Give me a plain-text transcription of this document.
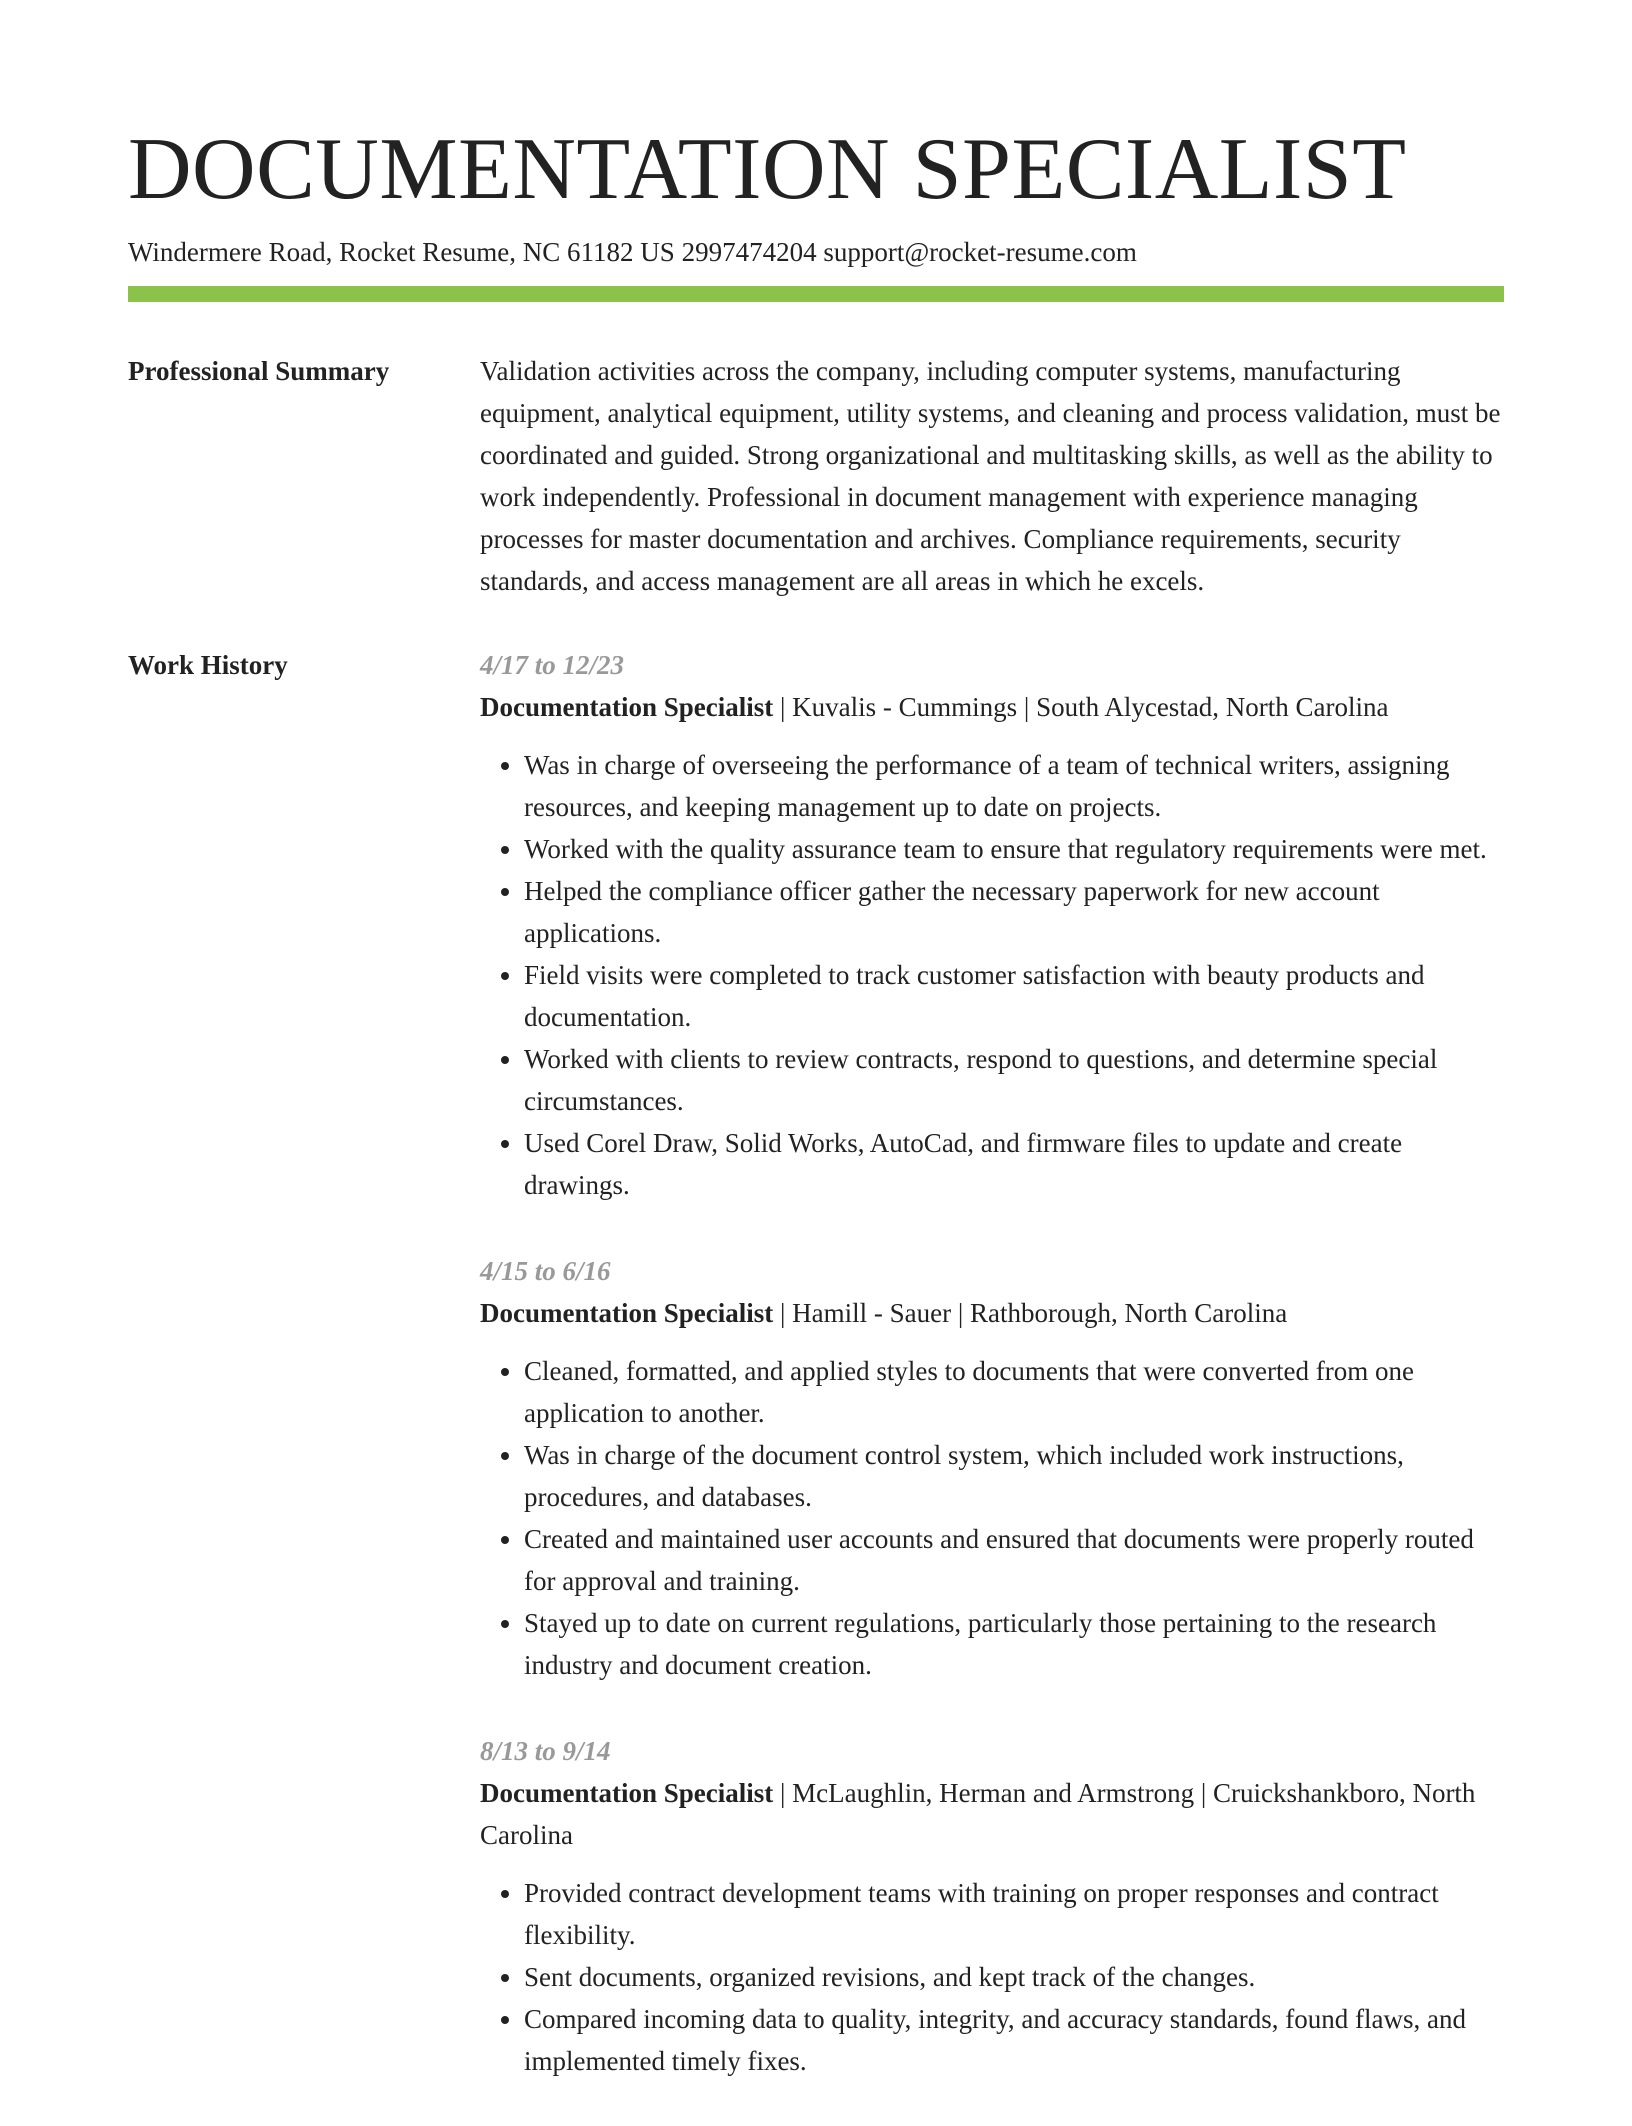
DOCUMENTATION SPECIALIST
Windermere Road, Rocket Resume, NC 61182 US 2997474204 support@rocket-resume.com
Professional Summary	Validation activities across the company, including computer systems, manufacturing equipment, analytical equipment, utility systems, and cleaning and process validation, must be coordinated and guided. Strong organizational and multitasking skills, as well as the ability to work independently. Professional in document management with experience managing processes for master documentation and archives. Compliance requirements, security standards, and access management are all areas in which he excels.
Work History	4/17 to 12/23
Documentation Specialist | Kuvalis - Cummings | South Alycestad, North Carolina
• Was in charge of overseeing the performance of a team of technical writers, assigning resources, and keeping management up to date on projects.
• Worked with the quality assurance team to ensure that regulatory requirements were met.
• Helped the compliance officer gather the necessary paperwork for new account applications.
• Field visits were completed to track customer satisfaction with beauty products and documentation.
• Worked with clients to review contracts, respond to questions, and determine special circumstances.
• Used Corel Draw, Solid Works, AutoCad, and firmware files to update and create drawings.
4/15 to 6/16
Documentation Specialist | Hamill - Sauer | Rathborough, North Carolina
• Cleaned, formatted, and applied styles to documents that were converted from one application to another.
• Was in charge of the document control system, which included work instructions, procedures, and databases.
• Created and maintained user accounts and ensured that documents were properly routed for approval and training.
• Stayed up to date on current regulations, particularly those pertaining to the research industry and document creation.
8/13 to 9/14
Documentation Specialist | McLaughlin, Herman and Armstrong | Cruickshankboro, North Carolina
• Provided contract development teams with training on proper responses and contract flexibility.
• Sent documents, organized revisions, and kept track of the changes.
• Compared incoming data to quality, integrity, and accuracy standards, found flaws, and implemented timely fixes.
